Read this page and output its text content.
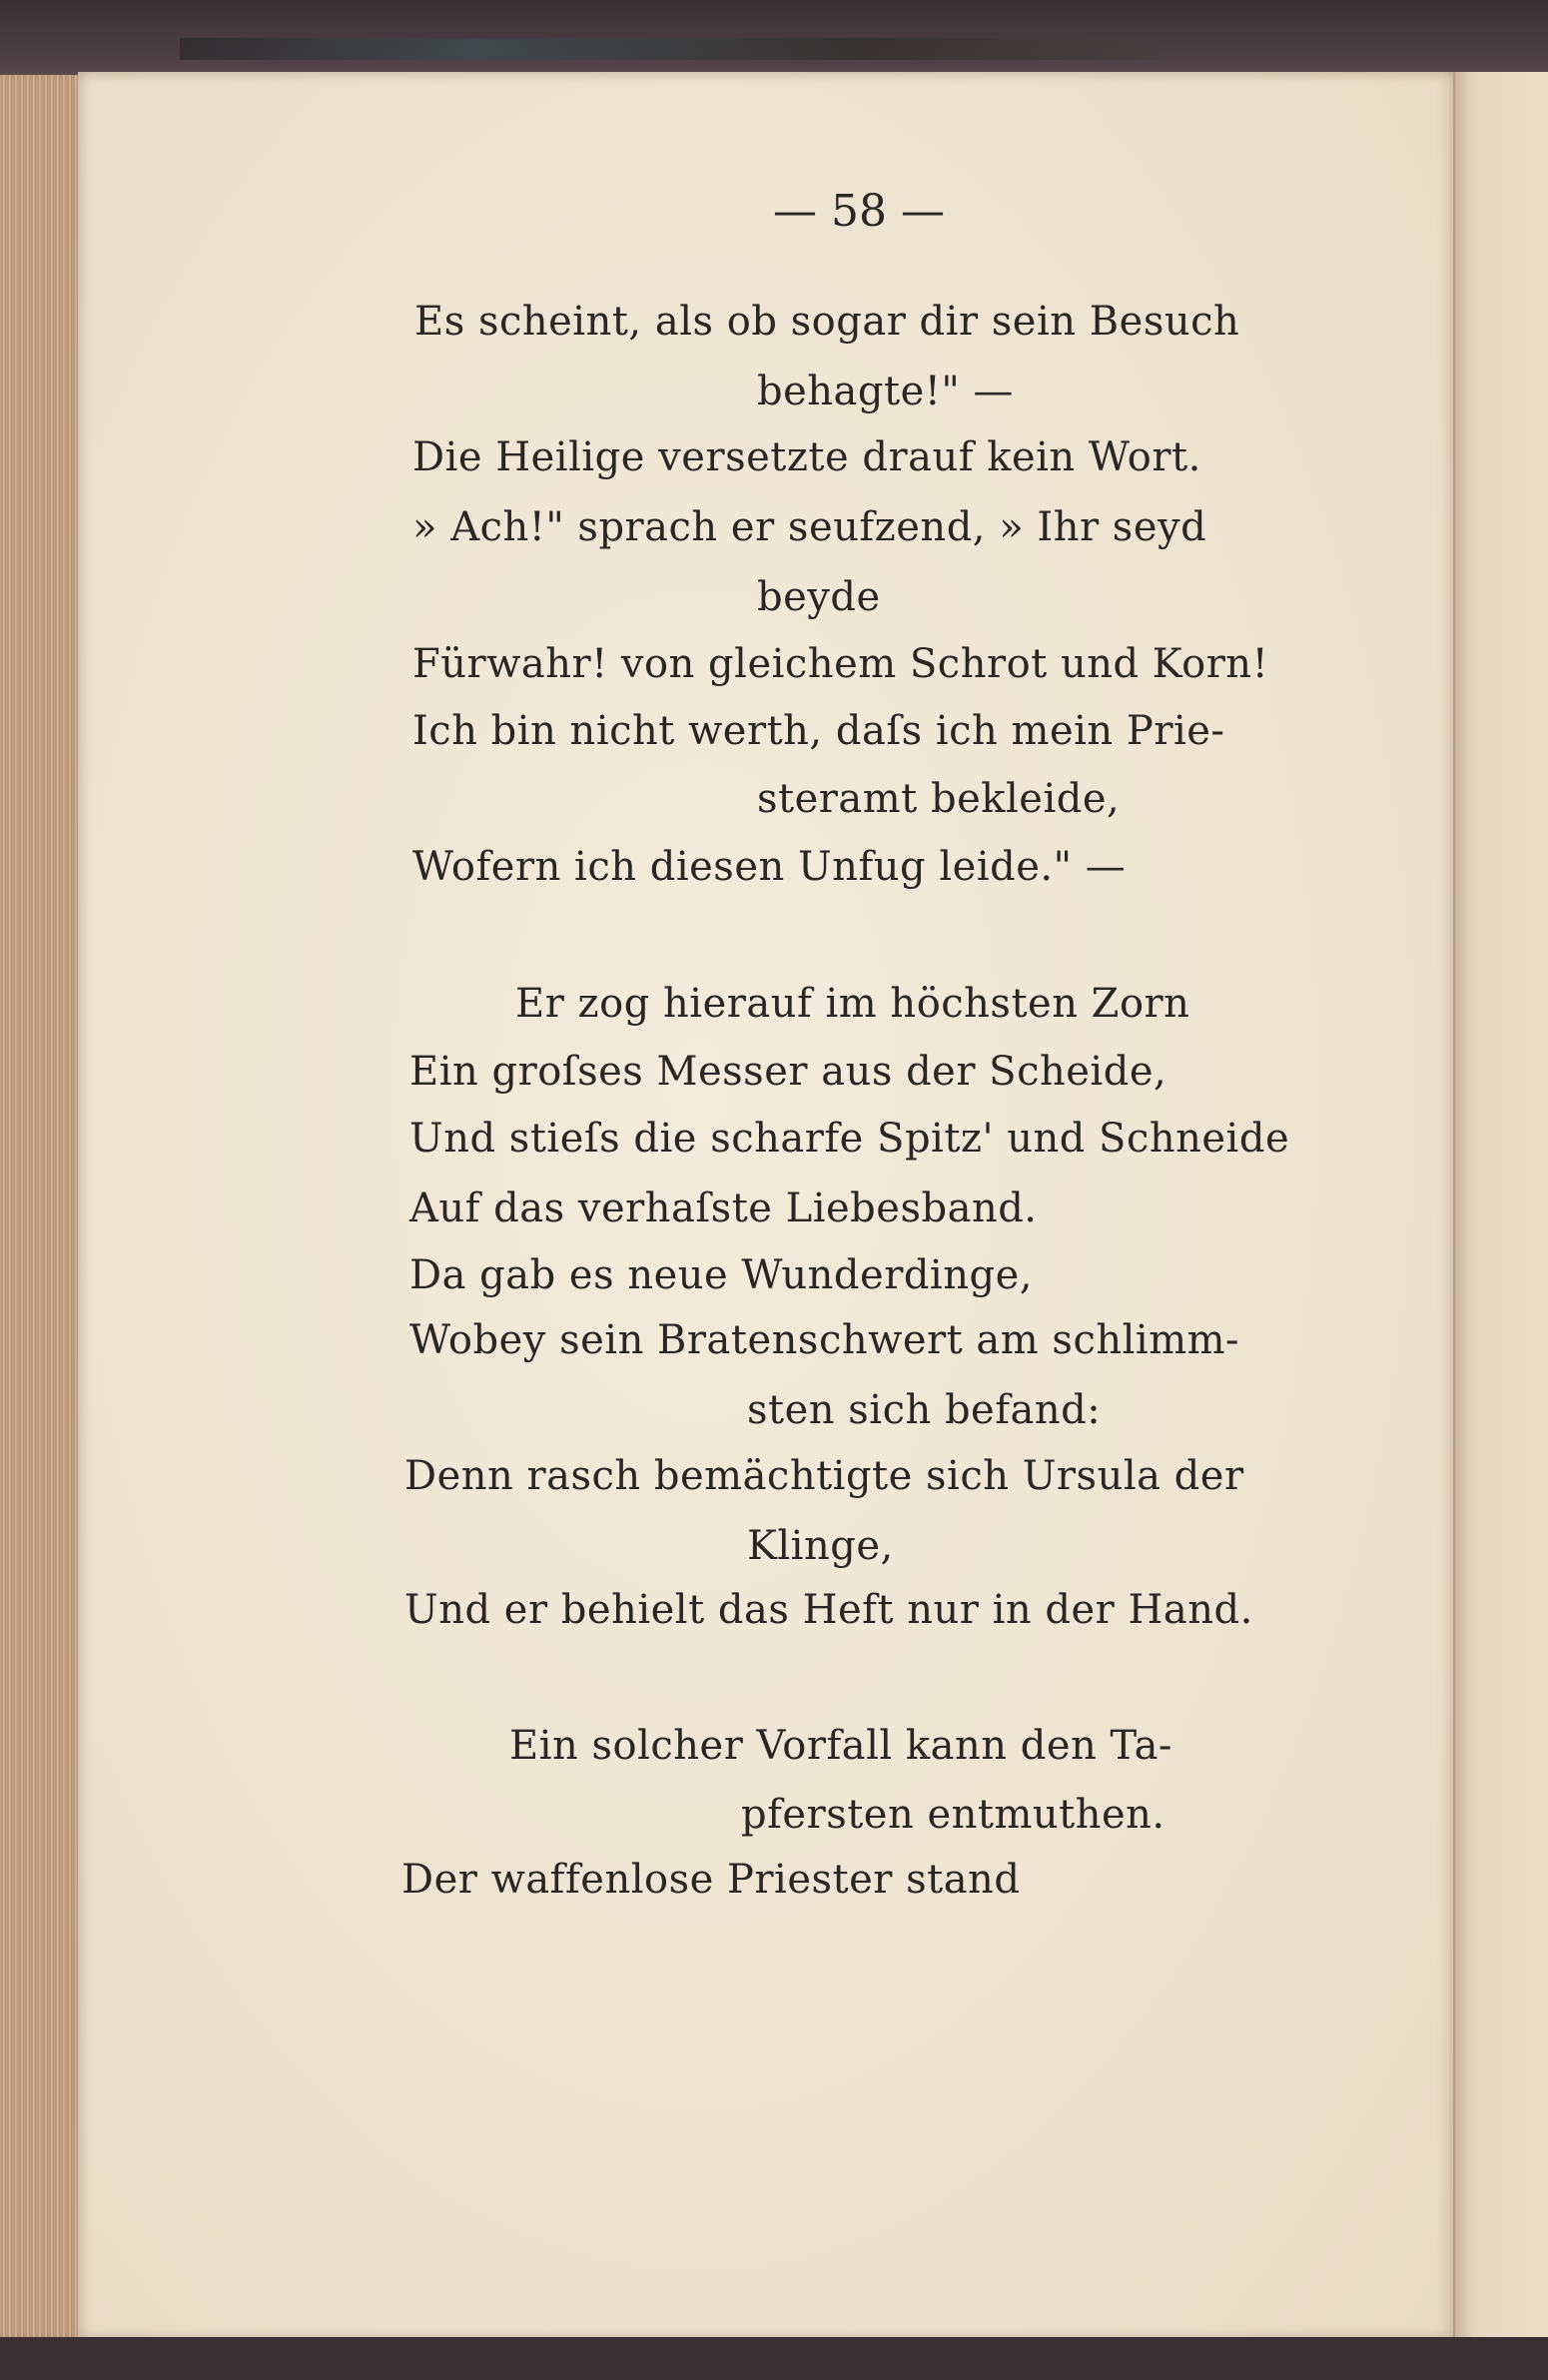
— 58 —
Es scheint, als ob sogar dir sein Besuch
behagte!" —
Die Heilige versetzte drauf kein Wort.
» Ach!" sprach er seufzend, » Ihr seyd
beyde
Fürwahr! von gleichem Schrot und Korn!
Ich bin nicht werth, daſs ich mein Prie-
steramt bekleide,
Wofern ich diesen Unfug leide." —
Er zog hierauf im höchsten Zorn
Ein groſses Messer aus der Scheide,
Und stieſs die scharfe Spitz' und Schneide
Auf das verhaſste Liebesband.
Da gab es neue Wunderdinge,
Wobey sein Bratenschwert am schlimm-
sten sich befand:
Denn rasch bemächtigte sich Ursula der
Klinge,
Und er behielt das Heft nur in der Hand.
Ein solcher Vorfall kann den Ta-
pfersten entmuthen.
Der waffenlose Priester stand
